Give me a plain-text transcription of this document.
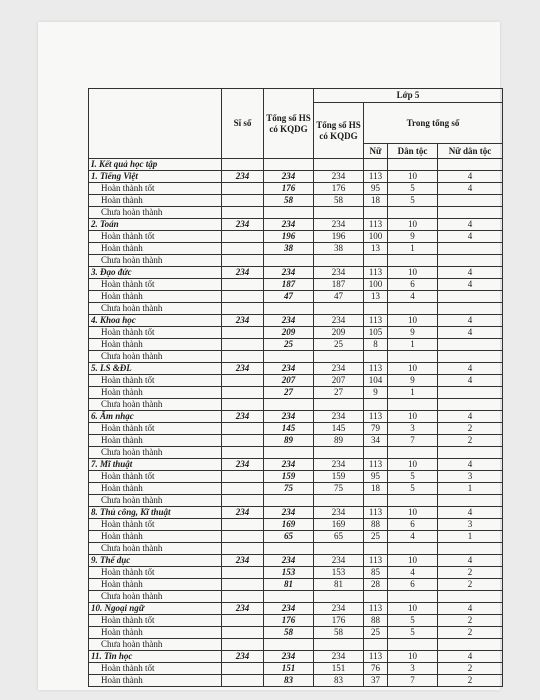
	Sĩ số	Tổng số HS có KQDG	Lớp 5			
			Tổng số HS có KQDG	Trong tổng số		
				Nữ	Dân tộc	Nữ dân tộc
I. Kết quả học tập						
1. Tiếng Việt	234	234	234	113	10	4
Hoàn thành tốt		176	176	95	5	4
Hoàn thành		58	58	18	5	
Chưa hoàn thành						
2. Toán	234	234	234	113	10	4
Hoàn thành tốt		196	196	100	9	4
Hoàn thành		38	38	13	1	
Chưa hoàn thành						
3. Đạo đức	234	234	234	113	10	4
Hoàn thành tốt		187	187	100	6	4
Hoàn thành		47	47	13	4	
Chưa hoàn thành						
4. Khoa học	234	234	234	113	10	4
Hoàn thành tốt		209	209	105	9	4
Hoàn thành		25	25	8	1	
Chưa hoàn thành						
5. LS &ĐL	234	234	234	113	10	4
Hoàn thành tốt		207	207	104	9	4
Hoàn thành		27	27	9	1	
Chưa hoàn thành						
6. Âm nhạc	234	234	234	113	10	4
Hoàn thành tốt		145	145	79	3	2
Hoàn thành		89	89	34	7	2
Chưa hoàn thành						
7. Mĩ thuật	234	234	234	113	10	4
Hoàn thành tốt		159	159	95	5	3
Hoàn thành		75	75	18	5	1
Chưa hoàn thành						
8. Thủ công, Kĩ thuật	234	234	234	113	10	4
Hoàn thành tốt		169	169	88	6	3
Hoàn thành		65	65	25	4	1
Chưa hoàn thành						
9. Thể dục	234	234	234	113	10	4
Hoàn thành tốt		153	153	85	4	2
Hoàn thành		81	81	28	6	2
Chưa hoàn thành						
10. Ngoại ngữ	234	234	234	113	10	4
Hoàn thành tốt		176	176	88	5	2
Hoàn thành		58	58	25	5	2
Chưa hoàn thành						
11. Tin học	234	234	234	113	10	4
Hoàn thành tốt		151	151	76	3	2
Hoàn thành		83	83	37	7	2
